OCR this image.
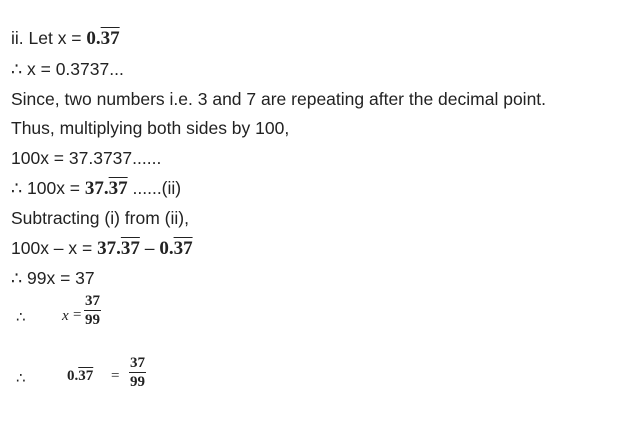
ii. Let x = 0.37
∴ x = 0.3737...
Since, two numbers i.e. 3 and 7 are repeating after the decimal point.
Thus, multiplying both sides by 100,
100x = 37.3737......
∴ 100x = 37.37 ......(ii)
Subtracting (i) from (ii),
100x – x = 37.37 – 0.37
∴ 99x = 37
∴ $x = \frac{37}{99}$
∴	$0.37 = \frac{37}{99}$
